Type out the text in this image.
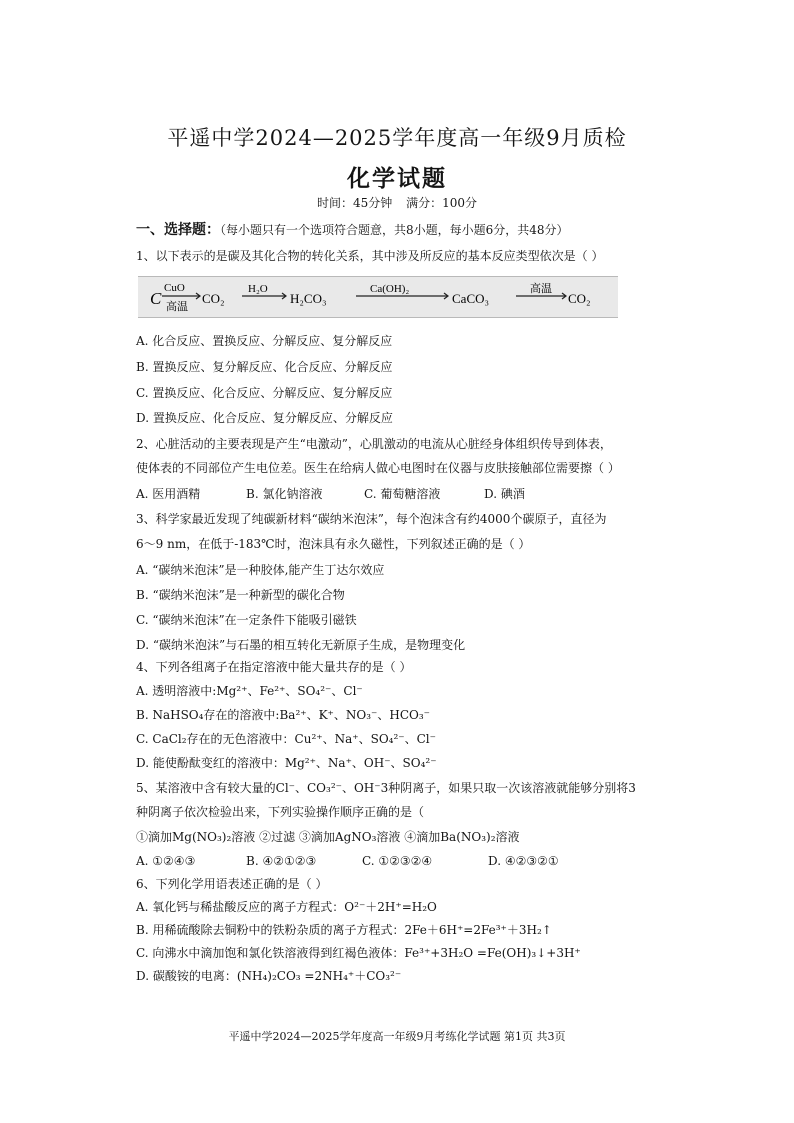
平遥中学2024—2025学年度高一年级9月质检
化学试题
时间：45分钟 满分：100分
一、选择题：（每小题只有一个选项符合题意，共8小题，每小题6分，共48分）
1、以下表示的是碳及其化合物的转化关系，其中涉及所反应的基本反应类型依次是（ ）
C
CuO
高温
CO₂
H₂O
H₂CO₃
Ca(OH)₂
CaCO₃
高温
CO₂
A. 化合反应、置换反应、分解反应、复分解反应
B. 置换反应、复分解反应、化合反应、分解反应
C. 置换反应、化合反应、分解反应、复分解反应
D. 置换反应、化合反应、复分解反应、分解反应
2、心脏活动的主要表现是产生“电激动”，心肌激动的电流从心脏经身体组织传导到体表，
使体表的不同部位产生电位差。医生在给病人做心电图时在仪器与皮肤接触部位需要擦（ ）
A. 医用酒精	B. 氯化钠溶液	C. 葡萄糖溶液	D. 碘酒
3、科学家最近发现了纯碳新材料“碳纳米泡沫”，每个泡沫含有约4000个碳原子，直径为
6～9 nm，在低于-183℃时，泡沫具有永久磁性，下列叙述正确的是（ ）
A. “碳纳米泡沫”是一种胶体,能产生丁达尔效应
B. “碳纳米泡沫”是一种新型的碳化合物
C. “碳纳米泡沫”在一定条件下能吸引磁铁
D. “碳纳米泡沫”与石墨的相互转化无新原子生成，是物理变化
4、下列各组离子在指定溶液中能大量共存的是（ ）
A. 透明溶液中:Mg²⁺、Fe²⁺、SO₄²⁻、Cl⁻
B. NaHSO₄存在的溶液中:Ba²⁺、K⁺、NO₃⁻、HCO₃⁻
C. CaCl₂存在的无色溶液中：Cu²⁺、Na⁺、SO₄²⁻、Cl⁻
D. 能使酚酞变红的溶液中：Mg²⁺、Na⁺、OH⁻、SO₄²⁻
5、某溶液中含有较大量的Cl⁻、CO₃²⁻、OH⁻3种阴离子，如果只取一次该溶液就能够分别将3
种阴离子依次检验出来，下列实验操作顺序正确的是（
①滴加Mg(NO₃)₂溶液 ②过滤 ③滴加AgNO₃溶液 ④滴加Ba(NO₃)₂溶液
A. ①②④③	B. ④②①②③	C. ①②③②④	D. ④②③②①
6、下列化学用语表述正确的是（ ）
A. 氧化钙与稀盐酸反应的离子方程式：O²⁻＋2H⁺=H₂O
B. 用稀硫酸除去铜粉中的铁粉杂质的离子方程式：2Fe＋6H⁺=2Fe³⁺＋3H₂↑
C. 向沸水中滴加饱和氯化铁溶液得到红褐色液体：Fe³⁺+3H₂O =Fe(OH)₃↓+3H⁺
D. 碳酸铵的电离：(NH₄)₂CO₃ =2NH₄⁺＋CO₃²⁻
平遥中学2024—2025学年度高一年级9月考练化学试题 第1页 共3页
